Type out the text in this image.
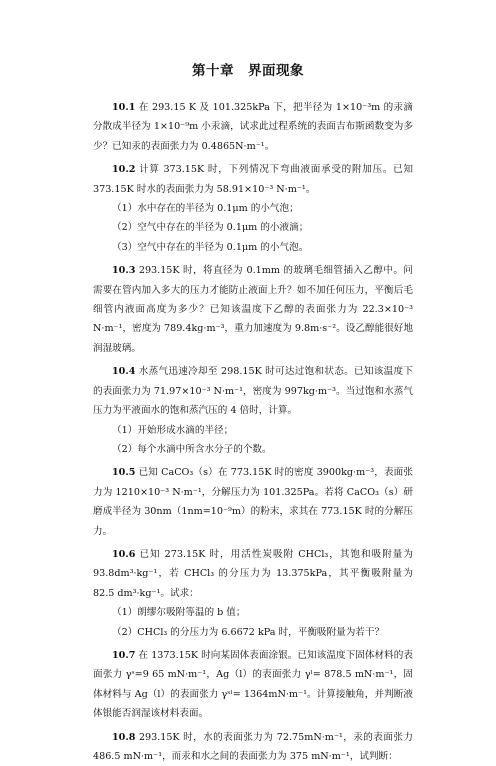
第十章　界面现象

10.1 在 293.15 K 及 101.325kPa 下，把半径为 1×10⁻³m 的汞滴分散成半径为 1×10⁻⁹m 小汞滴，试求此过程系统的表面吉布斯函数变为多少？已知汞的表面张力为 0.4865N·m⁻¹。

10.2 计算 373.15K 时，下列情况下弯曲液面承受的附加压。已知 373.15K 时水的表面张力为 58.91×10⁻³ N·m⁻¹。

（1）水中存在的半径为 0.1μm 的小气泡；

（2）空气中存在的半径为 0.1μm 的小液滴；

（3）空气中存在的半径为 0.1μm 的小气泡。

10.3 293.15K 时，将直径为 0.1mm 的玻璃毛细管插入乙醇中。问需要在管内加入多大的压力才能防止液面上升？如不加任何压力，平衡后毛细管内液面高度为多少？已知该温度下乙醇的表面张力为 22.3×10⁻³ N·m⁻¹，密度为 789.4kg·m⁻³，重力加速度为 9.8m·s⁻²。设乙醇能很好地润湿玻璃。

10.4 水蒸气迅速冷却至 298.15K 时可达过饱和状态。已知该温度下的表面张力为 71.97×10⁻³ N·m⁻¹，密度为 997kg·m⁻³。当过饱和水蒸气压力为平液面水的饱和蒸汽压的 4 倍时，计算。

（1）开始形成水滴的半径；

（2）每个水滴中所含水分子的个数。

10.5 已知 CaCO₃（s）在 773.15K 时的密度 3900kg·m⁻³，表面张力为 1210×10⁻³ N·m⁻¹，分解压力为 101.325Pa。若将 CaCO₃（s）研磨成半径为 30nm（1nm=10⁻⁹m）的粉末，求其在 773.15K 时的分解压力。

10.6 已知 273.15K 时，用活性炭吸附 CHCl₃，其饱和吸附量为 93.8dm³·kg⁻¹，若 CHCl₃ 的分压力为 13.375kPa，其平衡吸附量为 82.5 dm³·kg⁻¹。试求：

（1）朗缪尔吸附等温的 b 值；

（2）CHCl₃ 的分压力为 6.6672 kPa 时，平衡吸附量为若干？

10.7 在 1373.15K 时向某固体表面涂银。已知该温度下固体材料的表面张力 γˢ=9 65 mN·m⁻¹，Ag（l）的表面张力 γˡ= 878.5 mN·m⁻¹，固体材料与 Ag（l）的表面张力 γˢˡ= 1364mN·m⁻¹。计算接触角，并判断液体银能否润湿该材料表面。

10.8 293.15K 时，水的表面张力为 72.75mN·m⁻¹，汞的表面张力 486.5 mN·m⁻¹，而汞和水之间的表面张力为 375 mN·m⁻¹，试判断：
